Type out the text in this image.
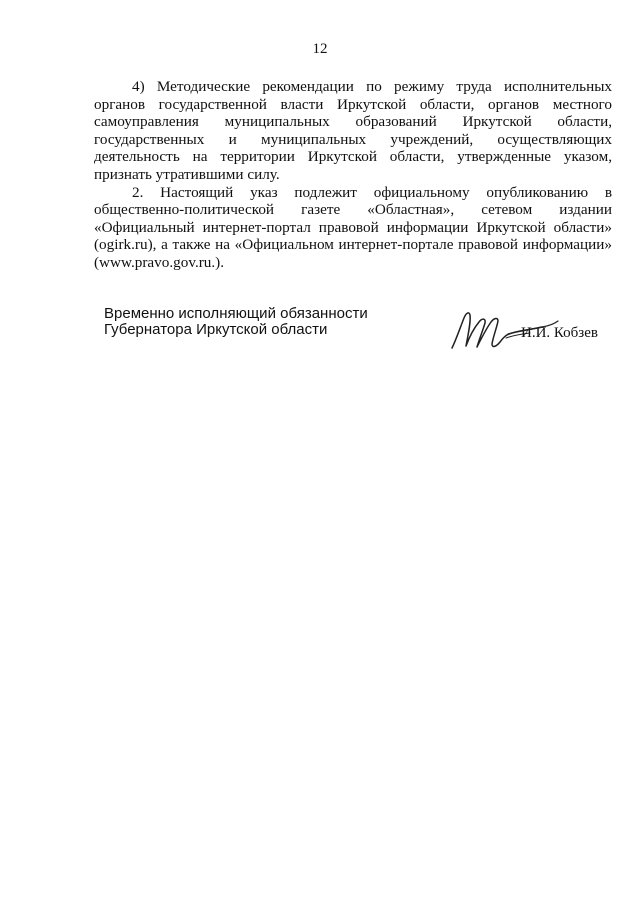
12

4) Методические рекомендации по режиму труда исполнительных органов государственной власти Иркутской области, органов местного самоуправления муниципальных образований Иркутской области, государственных и муниципальных учреждений, осуществляющих деятельность на территории Иркутской области, утвержденные указом, признать утратившими силу.

2. Настоящий указ подлежит официальному опубликованию в общественно-политической газете «Областная», сетевом издании «Официальный интернет-портал правовой информации Иркутской области» (ogirk.ru), а также на «Официальном интернет-портале правовой информации» (www.pravo.gov.ru.).

Временно исполняющий обязанности
Губернатора Иркутской области	И.И. Кобзев
